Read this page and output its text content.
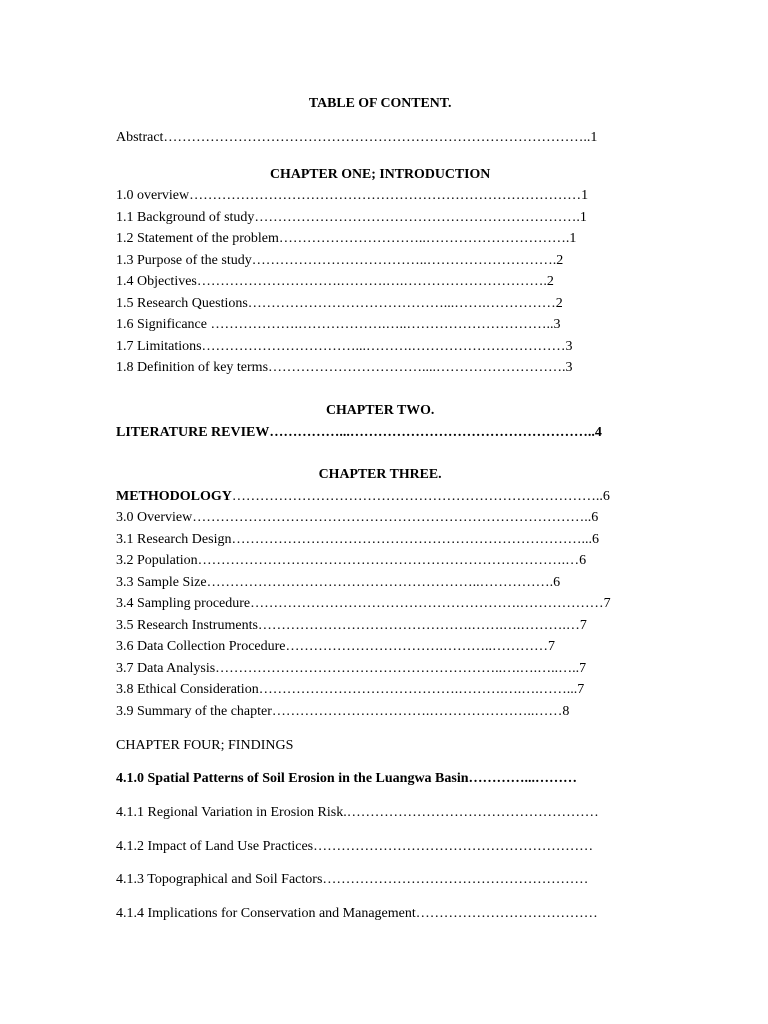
TABLE OF CONTENT.
Abstract………………………………………………………………………………..1
CHAPTER ONE; INTRODUCTION
1.0 overview…………………………………………………………………………1
1.1 Background of study…………………………………………………………….1
1.2 Statement of the problem…………………………..………………………….1
1.3 Purpose of the study………………………………..……………………….2
1.4 Objectives………………………….……….….………………………….2
1.5 Research Questions……………………………………...…….……………2
1.6 Significance ……………….……………….…..…………………………..3
1.7 Limitations……………………………...……….……………………………3
1.8 Definition of key terms……………………………....……………………….3
CHAPTER TWO.
LITERATURE REVIEW……………...……………………………………………..4
CHAPTER THREE.
METHODOLOGY……………………………………………………………………..6
3.0 Overview…………………………………………………………………………..6
3.1 Research Design…………………………………………………………………...6
3.2 Population…………………………………………………………………….…6
3.3 Sample Size…………………………………………………..…………….6
3.4 Sampling procedure………………………………………………….………………7
3.5 Research Instruments……………………………………….…….….……….…7
3.6 Data Collection Procedure…………………………….………..…………7
3.7 Data Analysis……………………………………………………..….….…..…..7
3.8 Ethical Consideration…………………………………….……….….….……...7
3.9 Summary of the chapter…………………………….…………………..……8
CHAPTER FOUR; FINDINGS
4.1.0 Spatial Patterns of Soil Erosion in the Luangwa Basin…………...………
4.1.1 Regional Variation in Erosion Risk.………………………………………………
4.1.2 Impact of Land Use Practices……………………………………………………
4.1.3 Topographical and Soil Factors…………………………………………………
4.1.4 Implications for Conservation and Management…………………………………
